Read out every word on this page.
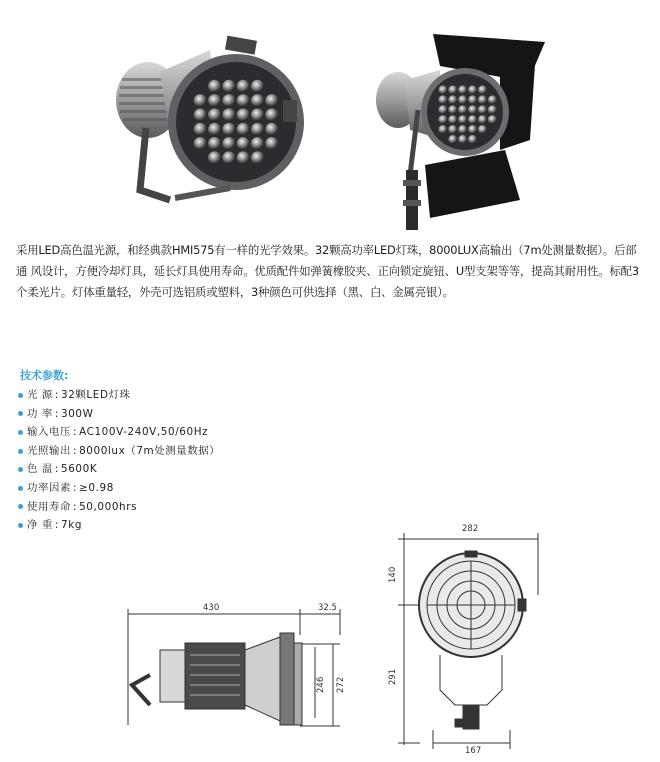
采用LED高色温光源，和经典款HMI575有一样的光学效果。32颗高功率LED灯珠，8000LUX高输出（7m处测量数据）。后部通 风设计，方便冷却灯具，延长灯具使用寿命。优质配件如弹簧橡胶夹、正向锁定旋钮、U型支架等等，提高其耐用性。标配3个柔光片。灯体重量轻，外壳可选铝质或塑料，3种颜色可供选择（黑、白、金属亮银）。
技术参数:
光 源 : 32颗LED灯珠
功 率 : 300W
输入电压 : AC100V-240V,50/60Hz
光照输出 : 8000lux（7m处测量数据）
色 温 : 5600K
功率因素 : ≥0.98
使用寿命 : 50,000hrs
净 重 : 7kg
430	32.5
246 272
282
140
291
167
